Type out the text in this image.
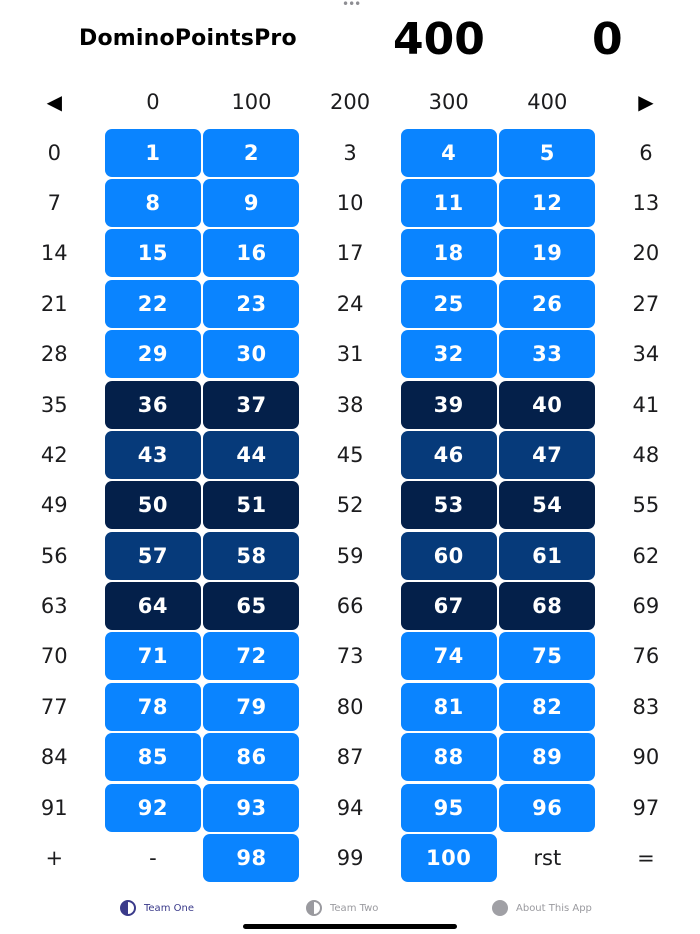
•••
DominoPointsPro 400 0
◀	0	100	200	300	400	▶
0	1	2	3	4	5	6
7	8	9	10	11	12	13
14	15	16	17	18	19	20
21	22	23	24	25	26	27
28	29	30	31	32	33	34
35	36	37	38	39	40	41
42	43	44	45	46	47	48
49	50	51	52	53	54	55
56	57	58	59	60	61	62
63	64	65	66	67	68	69
70	71	72	73	74	75	76
77	78	79	80	81	82	83
84	85	86	87	88	89	90
91	92	93	94	95	96	97
+	-	98	99	100	rst	=
Team One	Team Two	About This App
